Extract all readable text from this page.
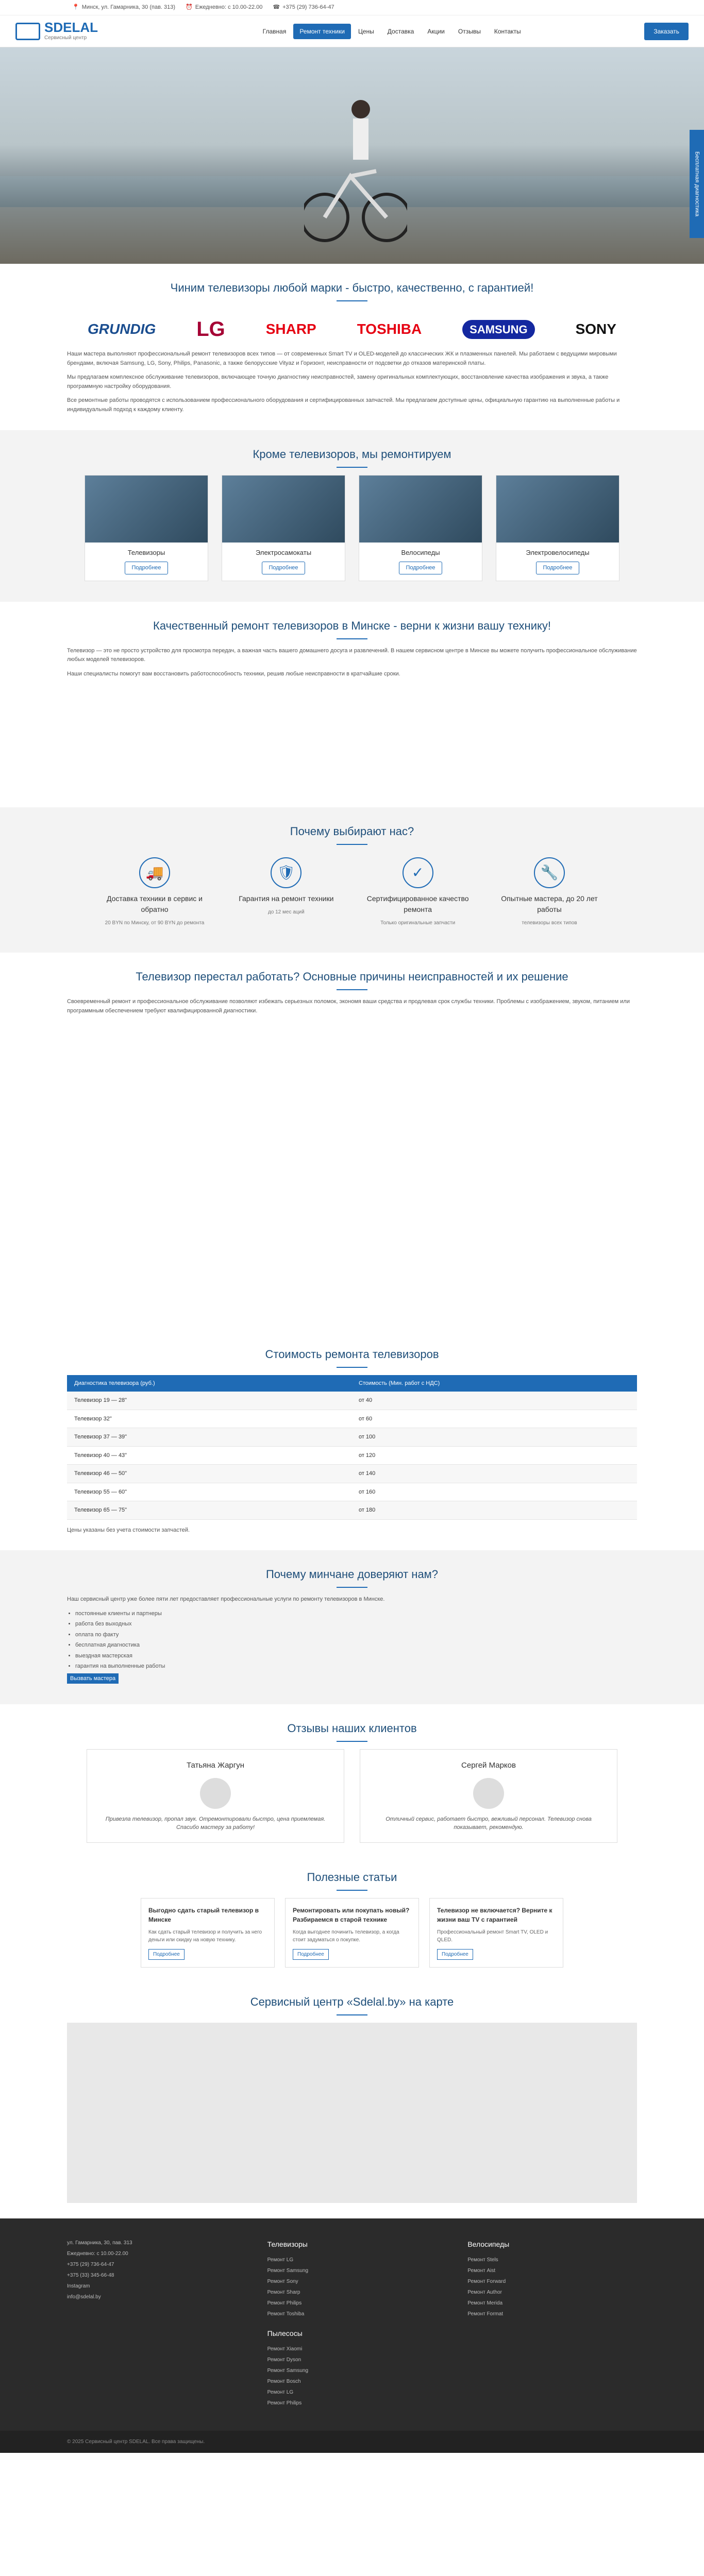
📍 Минск, ул. Гамарника, 30 (пав. 313) ⏰ Ежедневно: с 10.00-22.00 ☎ +375 (29) 736-64-47
SDELAL
Сервисный центр
Главная	Ремонт техники	Цены	Доставка	Акции	Отзывы	Контакты	Заказать
Бесплатная диагностика
Чиним телевизоры любой марки - быстро, качественно, с гарантией!
GRUNDIG LG	SHARP	TOSHIBA	SAMSUNG	SONY

Наши мастера выполняют профессиональный ремонт телевизоров всех типов — от современных Smart TV и OLED-моделей до классических ЖК и плазменных панелей. Мы работаем с ведущими мировыми брендами, включая Samsung, LG, Sony, Philips, Panasonic, а также белорусские Vityaz и Горизонт, неисправности от подсветки до отказов материнской платы.

Мы предлагаем комплексное обслуживание телевизоров, включающее точную диагностику неисправностей, замену оригинальных комплектующих, восстановление качества изображения и звука, а также программную настройку оборудования.

Все ремонтные работы проводятся с использованием профессионального оборудования и сертифицированных запчастей. Мы предлагаем доступные цены, официальную гарантию на выполненные работы и индивидуальный подход к каждому клиенту.

Кроме телевизоров, мы ремонтируем
Телевизоры
Подробнее
Электросамокаты
Подробнее
Велосипеды
Подробнее
Электровелосипеды
Подробнее
Качественный ремонт телевизоров в Минске - верни к жизни вашу технику!

Телевизор — это не просто устройство для просмотра передач, а важная часть вашего домашнего досуга и развлечений. В нашем сервисном центре в Минске вы можете получить профессиональное обслуживание любых моделей телевизоров.

Наши специалисты помогут вам восстановить работоспособность техники, решив любые неисправности в кратчайшие сроки.

Почему выбирают нас?
🚚
Доставка техники в сервис и обратно
20 BYN по Минску, от 90 BYN до ремонта
🛡
Гарантия на ремонт техники
до 12 мес аций
✓
Сертифицированное качество ремонта
Только оригинальные запчасти
🔧
Опытные мастера, до 20 лет работы
телевизоры всех типов
Телевизор перестал работать? Основные причины неисправностей и их решение

Своевременный ремонт и профессиональное обслуживание позволяют избежать серьезных поломок, экономя ваши средства и продлевая срок службы техники. Проблемы с изображением, звуком, питанием или программным обеспечением требуют квалифицированной диагностики.

Стоимость ремонта телевизоров
Диагностика телевизора (руб.)	Стоимость (Мин. работ с НДС)
Телевизор 19 — 28"	от 40
Телевизор 32"	от 60
Телевизор 37 — 39"	от 100
Телевизор 40 — 43"	от 120
Телевизор 46 — 50"	от 140
Телевизор 55 — 60"	от 160
Телевизор 65 — 75"	от 180

Цены указаны без учета стоимости запчастей.

Почему минчане доверяют нам?

Наш сервисный центр уже более пяти лет предоставляет профессиональные услуги по ремонту телевизоров в Минске.

• постоянные клиенты и партнеры
• работа без выходных
• оплата по факту
• бесплатная диагностика
• выездная мастерская
• гарантия на выполненные работы
Вызвать мастера
Отзывы наших клиентов
Татьяна Жаргун

Привезла телевизор, пропал звук. Отремонтировали быстро, цена приемлемая. Спасибо мастеру за работу!

Сергей Марков

Отличный сервис, работает быстро, вежливый персонал. Телевизор снова показывает, рекомендую.

Полезные статьи
Выгодно сдать старый телевизор в Минске

Как сдать старый телевизор и получить за него деньги или скидку на новую технику.

Подробнее
Ремонтировать или покупать новый? Разбираемся в старой технике

Когда выгоднее починить телевизор, а когда стоит задуматься о покупке.

Подробнее
Телевизор не включается? Верните к жизни ваш TV с гарантией

Профессиональный ремонт Smart TV, OLED и QLED.

Подробнее
Сервисный центр «Sdelal.by» на карте
ул. Гамарника, 30, пав. 313
Ежедневно: с 10.00-22.00
+375 (29) 736-64-47
+375 (33) 345-66-48
Instagram
info@sdelal.by
Телевизоры
Ремонт LG
Ремонт Samsung
Ремонт Sony
Ремонт Sharp
Ремонт Philips
Ремонт Toshiba
Пылесосы
Ремонт Xiaomi
Ремонт Dyson
Ремонт Samsung
Ремонт Bosch
Ремонт LG
Ремонт Philips
Велосипеды
Ремонт Stels
Ремонт Aist
Ремонт Forward
Ремонт Author
Ремонт Merida
Ремонт Format
© 2025 Сервисный центр SDELAL. Все права защищены.
